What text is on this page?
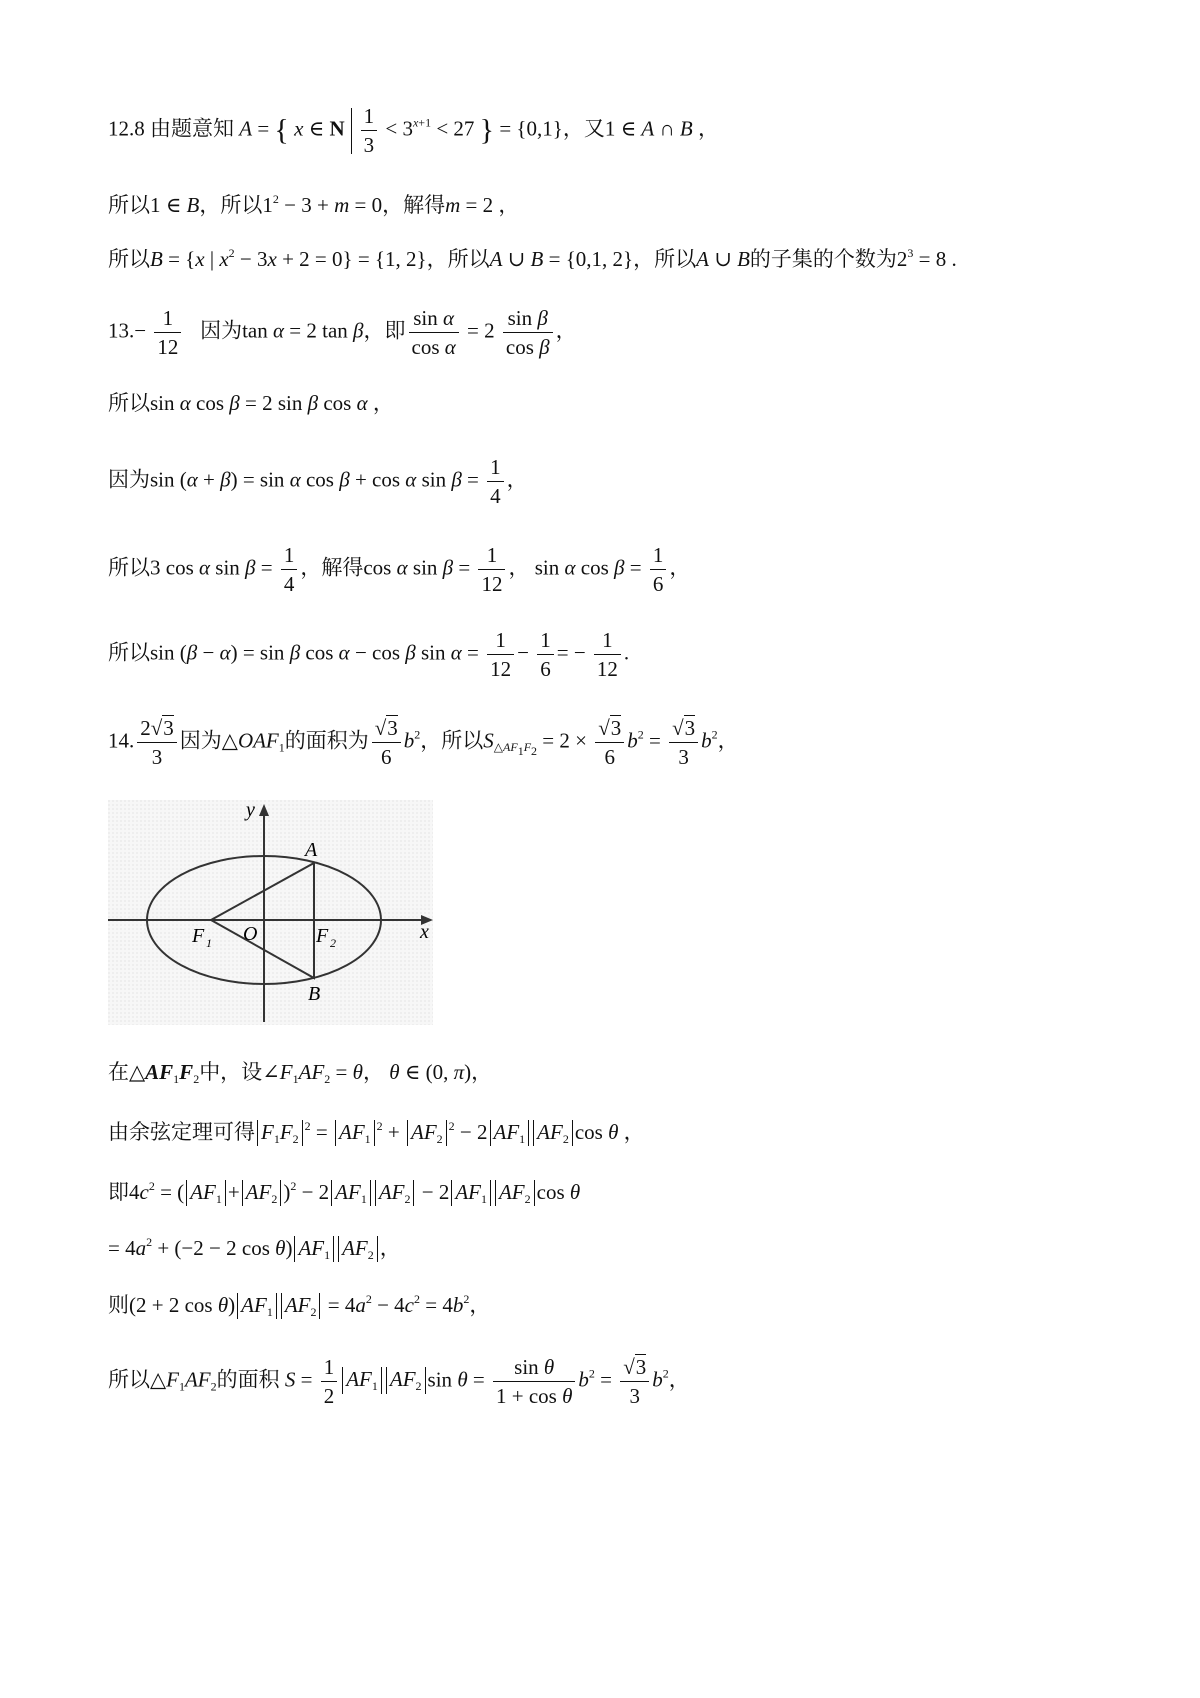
12.8 由题意知 A = { x ∈ N $\frac{1}{3} < 3^{x+1} < 27$ } = {0,1}，又1 ∈ A ∩ B ，
所以1 ∈ B，所以$1^2 - 3 + m = 0$，解得m = 2 ，
所以B = {x | $x^2 - 3x + 2 = 0\} = \{1$, 2}，所以A ∪ B = {0,1, 2}，所以A ∪ B的子集的个数为$2^3 = 8$ .
$13.- \frac{1}{12}$ 因为tan α = 2 tan β，即 $\frac{\text{sin α}}{\text{cos α}} = 2 \frac{\text{sin β}}{\text{cos β}}$ ，
所以sin α cos β = 2 sin β cos α ，
因为sin (α + β) = sin α cos β + cos α $\sin \beta = \frac{1}{4}$ ，
所以3 cos α $\sin \beta = \frac{1}{4}$ ，解得cos α $\sin \beta = \frac{1}{12}$ ， sin α $\cos \beta = \frac{1}{6}$ ，
所以sin (β − α) = sin β cos α − cos β $\sin \alpha = \frac{1}{12} - \frac{1}{6}$ = − $\frac{1}{12}$ .
14. $\frac{2√3}{3}$ 因为$\triangle OAF_1$的面积为 $\frac{√3}{6} b^2$，所以$S_{\triangle AF_1F_2} = 2 \times \frac{√3}{6} b^2 = \frac{√3}{3} b^2$，
A
B
O
F 1	F 2	x
y
在$\triangle AF_1F_2$中，设$\angle F_1AF_2 = \theta$， θ ∈ (0, π)，
由余弦定理可得 $F_1F_2^2 = AF_1^2 + AF_2^2 - 2$ $AF_1$ $AF_2$ cos θ ，
即$4c^2$ = ( $AF_1 + AF_2$ )$^2$ − 2 $AF_1$ $AF_2 - 2$ $AF_1$ $AF_2$ cos θ
= $4a^2 + (-2 - 2$ cos θ) $AF_1$ $AF_2$ ，
则(2 + 2 cos θ) $AF_1$ $AF_2 = 4a^2 - 4c^2 = 4b^2$，
所以$\triangle F_1AF_2$的面积 $S = \frac{1}{2} AF_1$ $AF_2$ $\sin \theta = \frac{\text{sin θ}}{\text{1 + cos θ}} b^2 = \frac{√3}{3} b^2$，
